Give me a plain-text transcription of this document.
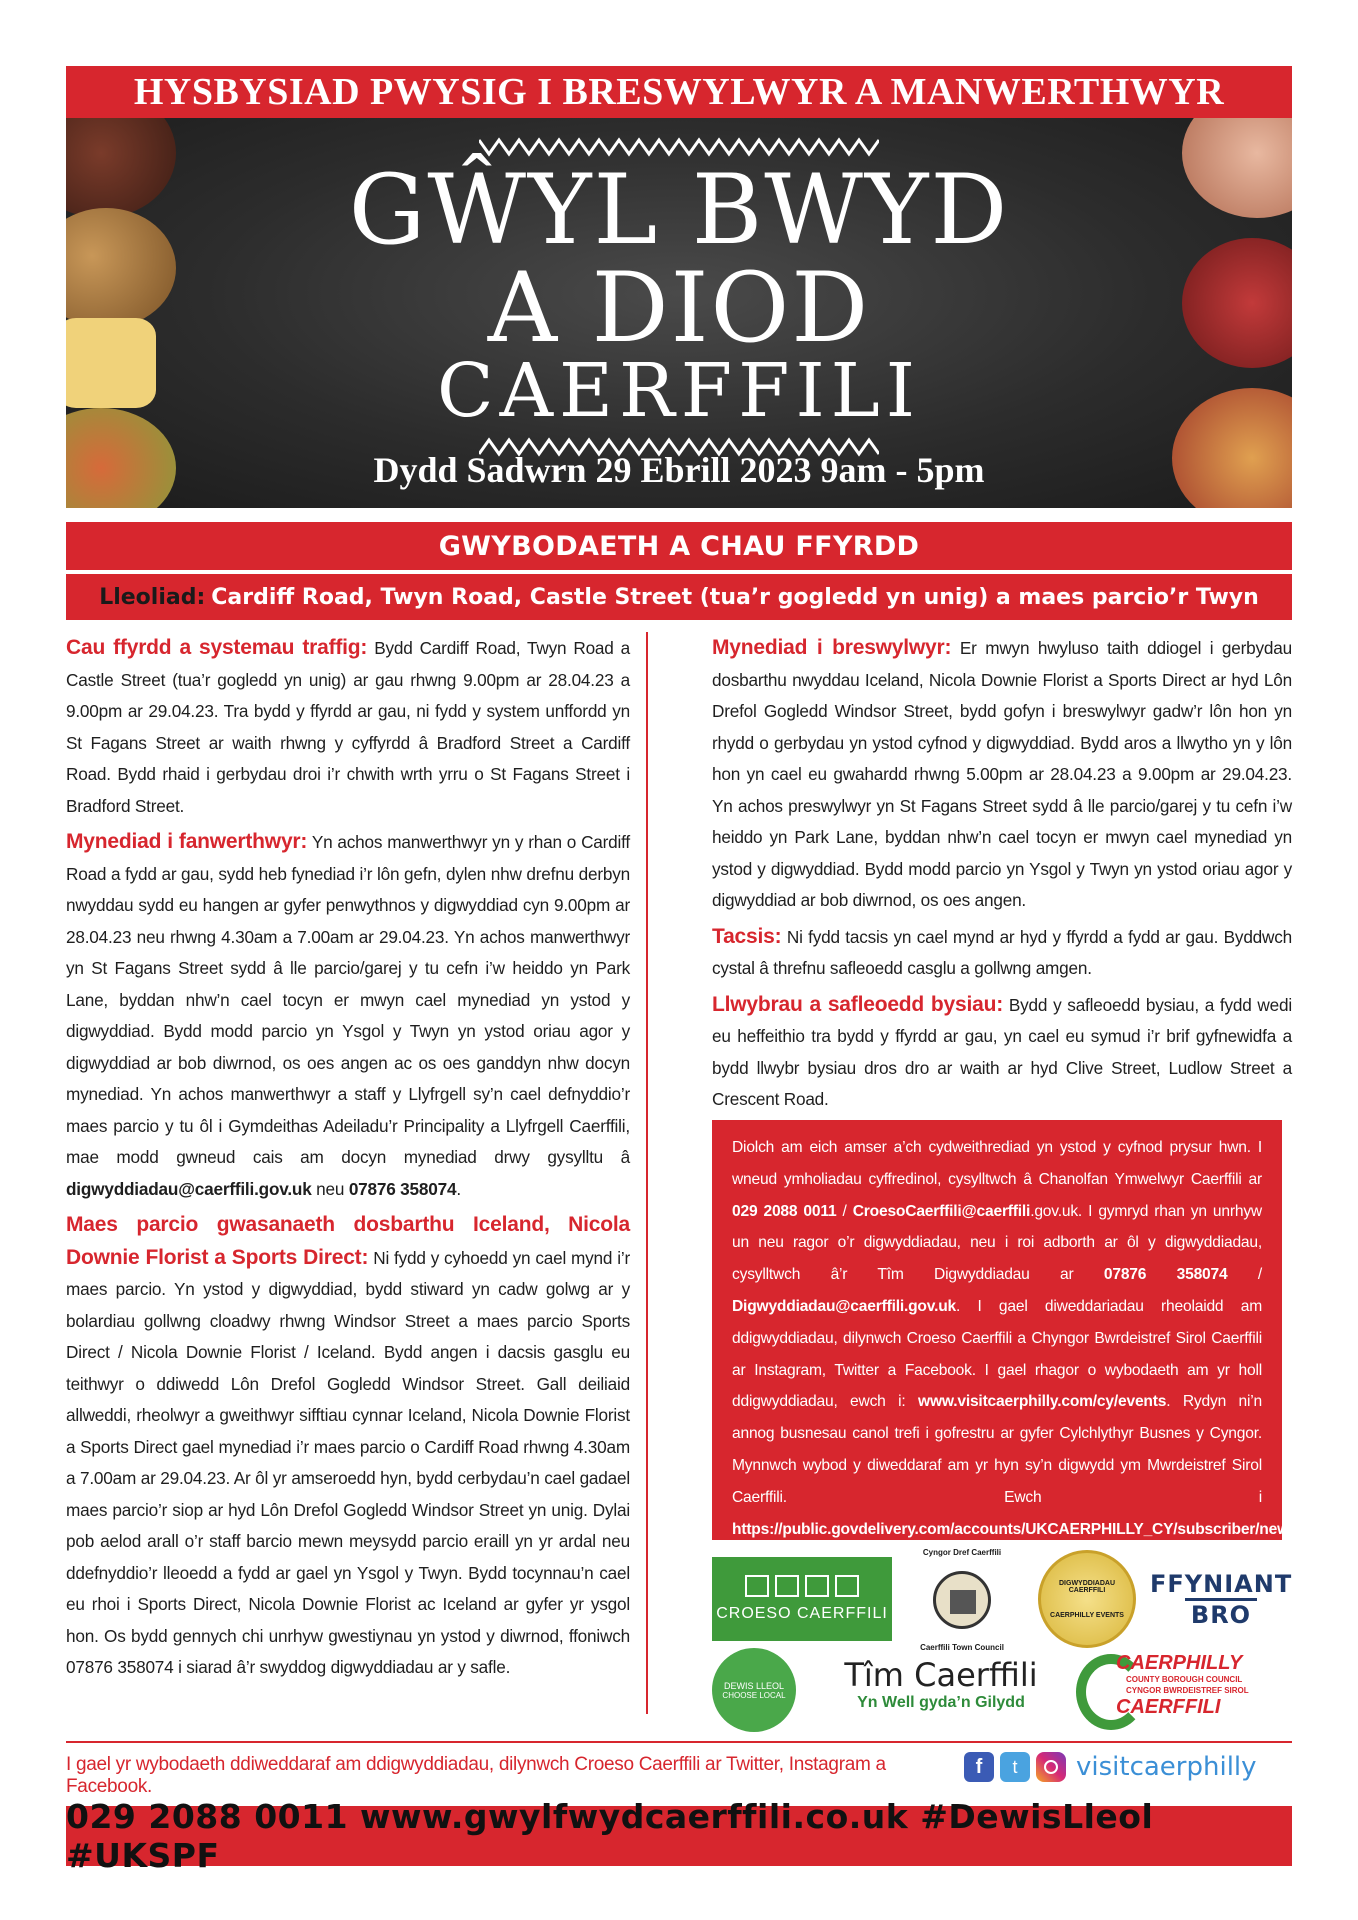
HYSBYSIAD PWYSIG I BRESWYLWYR A MANWERTHWYR
GŴYL BWYD
A DIOD
CAERFFILI
Dydd Sadwrn 29 Ebrill 2023 9am - 5pm
GWYBODAETH A CHAU FFYRDD
Lleoliad: Cardiff Road, Twyn Road, Castle Street (tua’r gogledd yn unig) a maes parcio’r Twyn

Cau ffyrdd a systemau traffig: Bydd Cardiff Road, Twyn Road a Castle Street (tua’r gogledd yn unig) ar gau rhwng 9.00pm ar 28.04.23 a 9.00pm ar 29.04.23. Tra bydd y ffyrdd ar gau, ni fydd y system unffordd yn St Fagans Street ar waith rhwng y cyffyrdd â Bradford Street a Cardiff Road. Bydd rhaid i gerbydau droi i’r chwith wrth yrru o St Fagans Street i Bradford Street.

Mynediad i fanwerthwyr: Yn achos manwerthwyr yn y rhan o Cardiff Road a fydd ar gau, sydd heb fynediad i’r lôn gefn, dylen nhw drefnu derbyn nwyddau sydd eu hangen ar gyfer penwythnos y digwyddiad cyn 9.00pm ar 28.04.23 neu rhwng 4.30am a 7.00am ar 29.04.23. Yn achos manwerthwyr yn St Fagans Street sydd â lle parcio/garej y tu cefn i’w heiddo yn Park Lane, byddan nhw’n cael tocyn er mwyn cael mynediad yn ystod y digwyddiad. Bydd modd parcio yn Ysgol y Twyn yn ystod oriau agor y digwyddiad ar bob diwrnod, os oes angen ac os oes ganddyn nhw docyn mynediad. Yn achos manwerthwyr a staff y Llyfrgell sy’n cael defnyddio’r maes parcio y tu ôl i Gymdeithas Adeiladu’r Principality a Llyfrgell Caerffili, mae modd gwneud cais am docyn mynediad drwy gysylltu â digwyddiadau@caerffili.gov.uk neu 07876 358074.

Maes parcio gwasanaeth dosbarthu Iceland, Nicola Downie Florist a Sports Direct: Ni fydd y cyhoedd yn cael mynd i’r maes parcio. Yn ystod y digwyddiad, bydd stiward yn cadw golwg ar y bolardiau gollwng cloadwy rhwng Windsor Street a maes parcio Sports Direct / Nicola Downie Florist / Iceland. Bydd angen i dacsis gasglu eu teithwyr o ddiwedd Lôn Drefol Gogledd Windsor Street. Gall deiliaid allweddi, rheolwyr a gweithwyr sifftiau cynnar Iceland, Nicola Downie Florist a Sports Direct gael mynediad i’r maes parcio o Cardiff Road rhwng 4.30am a 7.00am ar 29.04.23. Ar ôl yr amseroedd hyn, bydd cerbydau’n cael gadael maes parcio’r siop ar hyd Lôn Drefol Gogledd Windsor Street yn unig. Dylai pob aelod arall o’r staff barcio mewn meysydd parcio eraill yn yr ardal neu ddefnyddio’r lleoedd a fydd ar gael yn Ysgol y Twyn. Bydd tocynnau’n cael eu rhoi i Sports Direct, Nicola Downie Florist ac Iceland ar gyfer yr ysgol hon. Os bydd gennych chi unrhyw gwestiynau yn ystod y diwrnod, ffoniwch 07876 358074 i siarad â’r swyddog digwyddiadau ar y safle.

Mynediad i breswylwyr: Er mwyn hwyluso taith ddiogel i gerbydau dosbarthu nwyddau Iceland, Nicola Downie Florist a Sports Direct ar hyd Lôn Drefol Gogledd Windsor Street, bydd gofyn i breswylwyr gadw’r lôn hon yn rhydd o gerbydau yn ystod cyfnod y digwyddiad. Bydd aros a llwytho yn y lôn hon yn cael eu gwahardd rhwng 5.00pm ar 28.04.23 a 9.00pm ar 29.04.23. Yn achos preswylwyr yn St Fagans Street sydd â lle parcio/garej y tu cefn i’w heiddo yn Park Lane, byddan nhw’n cael tocyn er mwyn cael mynediad yn ystod y digwyddiad. Bydd modd parcio yn Ysgol y Twyn yn ystod oriau agor y digwyddiad ar bob diwrnod, os oes angen.

Tacsis: Ni fydd tacsis yn cael mynd ar hyd y ffyrdd a fydd ar gau. Byddwch cystal â threfnu safleoedd casglu a gollwng amgen.

Llwybrau a safleoedd bysiau: Bydd y safleoedd bysiau, a fydd wedi eu heffeithio tra bydd y ffyrdd ar gau, yn cael eu symud i’r brif gyfnewidfa a bydd llwybr bysiau dros dro ar waith ar hyd Clive Street, Ludlow Street a Crescent Road.

Diolch am eich amser a’ch cydweithrediad yn ystod y cyfnod prysur hwn. I wneud ymholiadau cyffredinol, cysylltwch â Chanolfan Ymwelwyr Caerffili ar 029 2088 0011 / CroesoCaerffili@caerffili.gov.uk. I gymryd rhan yn unrhyw un neu ragor o’r digwyddiadau, neu i roi adborth ar ôl y digwyddiadau, cysylltwch â’r Tîm Digwyddiadau ar 07876 358074 / Digwyddiadau@caerffili.gov.uk. I gael diweddariadau rheolaidd am ddigwyddiadau, dilynwch Croeso Caerffili a Chyngor Bwrdeistref Sirol Caerffili ar Instagram, Twitter a Facebook. I gael rhagor o wybodaeth am yr holl ddigwyddiadau, ewch i: www.visitcaerphilly.com/cy/events. Rydyn ni’n annog busnesau canol trefi i gofrestru ar gyfer Cylchlythyr Busnes y Cyngor. Mynnwch wybod y diweddaraf am yr hyn sy’n digwydd ym Mwrdeistref Sirol Caerffili. Ewch i https://public.govdelivery.com/accounts/UKCAERPHILLY_CY/subscriber/new
CROESO CAERFFILI
Cyngor Dref Caerffili
Caerffili Town Council
DIGWYDDIADAU CAERFFILI
CAERPHILLY EVENTS
FFYNIANT
BRO
DEWIS LLEOL
CHOOSE LOCAL
Tîm Caerffili
Yn Well gyda’n Gilydd
CAERPHILLY
COUNTY BOROUGH COUNCIL
CYNGOR BWRDEISTREF SIROL
CAERFFILI
I gael yr wybodaeth ddiweddaraf am ddigwyddiadau, dilynwch Croeso Caerffili ar Twitter, Instagram a Facebook.
f	t	visitcaerphilly
029 2088 0011 www.gwylfwydcaerffili.co.uk #DewisLleol #UKSPF
